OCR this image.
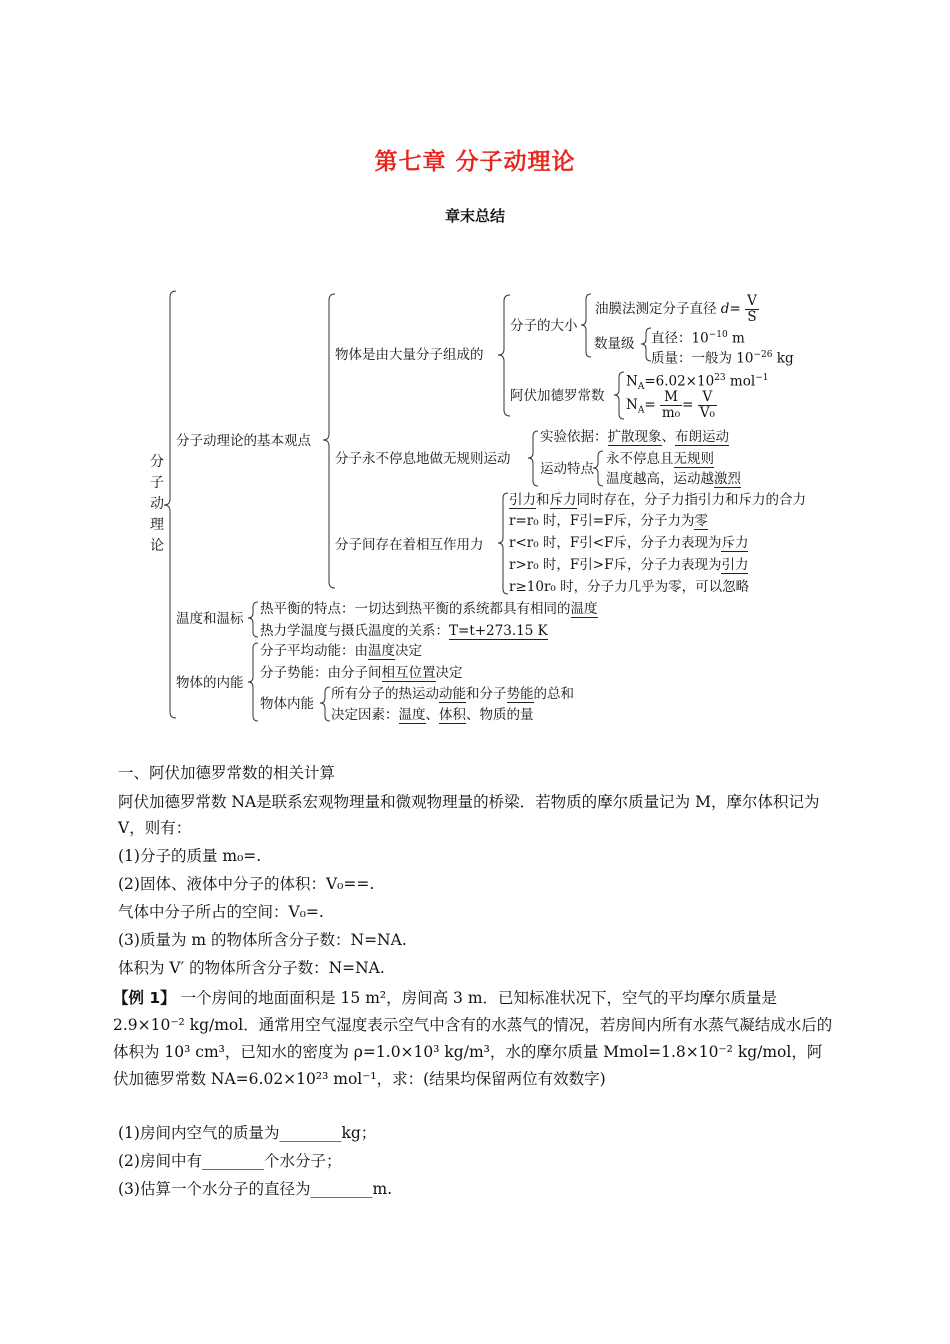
第七章 分子动理论
章末总结
分子动理论
分子动理论的基本观点
物体是由大量分子组成的
分子的大小
油膜法测定分子直径 $d= \frac{V}{S}$
数量级 直径：$10^{-10}$ m
质量：一般为 $10^{-26}$ kg
阿伏加德罗常数
$N_A=6.02\times 10^{23}$ mol$^{-1}$
$N_A= \frac{M}{\text{m₀}} = \frac{V}{\text{V₀}}$
分子永不停息地做无规则运动
实验依据：扩散现象、布朗运动
运动特点
永不停息且无规则
温度越高，运动越激烈
分子间存在着相互作用力
引力和斥力同时存在，分子力指引力和斥力的合力
r=r₀ 时，F引=F斥，分子力为零
r<r₀ 时，F引<F斥，分子力表现为斥力
r>r₀ 时，F引>F斥，分子力表现为引力
r≥10r₀ 时，分子力几乎为零，可以忽略
温度和温标
热平衡的特点：一切达到热平衡的系统都具有相同的温度
热力学温度与摄氏温度的关系：T=t+273.15 K
物体的内能
分子平均动能：由温度决定
分子势能：由分子间相互位置决定
物体内能
所有分子的热运动动能和分子势能的总和
决定因素：温度、体积、物质的量
一、阿伏加德罗常数的相关计算
阿伏加德罗常数 NA是联系宏观物理量和微观物理量的桥梁．若物质的摩尔质量记为 M，摩尔体积记为 V，则有：
(1)分子的质量 m₀=.
(2)固体、液体中分子的体积：V₀==.
气体中分子所占的空间：V₀=.
(3)质量为 m 的物体所含分子数：N=NA.
体积为 V′ 的物体所含分子数：N=NA.
【例 1】 一个房间的地面面积是 15 m²，房间高 3 m．已知标准状况下，空气的平均摩尔质量是 2.9×10⁻² kg/mol．通常用空气湿度表示空气中含有的水蒸气的情况，若房间内所有水蒸气凝结成水后的体积为 10³ cm³，已知水的密度为 ρ=1.0×10³ kg/m³，水的摩尔质量 Mmol=1.8×10⁻² kg/mol，阿伏加德罗常数 NA=6.02×10²³ mol⁻¹，求：(结果均保留两位有效数字)
(1)房间内空气的质量为________kg；
(2)房间中有________个水分子；
(3)估算一个水分子的直径为________m.
